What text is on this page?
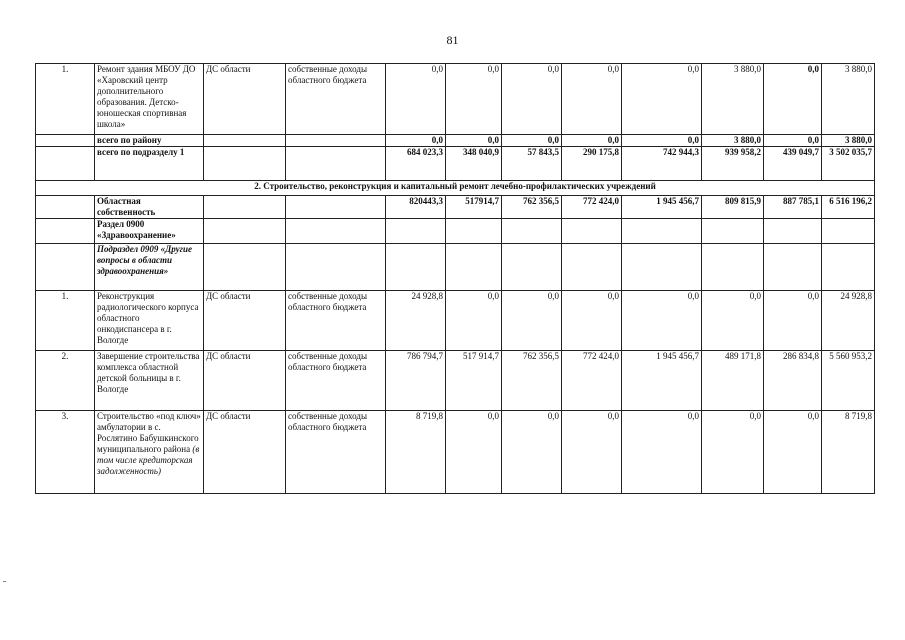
81
1.	Ремонт здания МБОУ ДО «Харовский центр дополнительного образования. Детско-юношеская спортивная школа»	ДС области	собственные доходы областного бюджета	0,0	0,0	0,0	0,0	0,0	3 880,0	0,0	3 880,0
	всего по району			0,0	0,0	0,0	0,0	0,0	3 880,0	0,0	3 880,0
	всего по подразделу 1			684 023,3	348 040,9	57 843,5	290 175,8	742 944,3	939 958,2	439 049,7	3 502 035,7
2. Строительство, реконструкция и капитальный ремонт лечебно-профилактических учреждений											
	Областная собственность			820443,3	517914,7	762 356,5	772 424,0	1 945 456,7	809 815,9	887 785,1	6 516 196,2
	Раздел 0900 «Здравоохранение»										
	Подраздел 0909 «Другие вопросы в области здравоохранения»										
1.	Реконструкция радиологического корпуса областного онкодиспансера в г. Вологде	ДС области	собственные доходы областного бюджета	24 928,8	0,0	0,0	0,0	0,0	0,0	0,0	24 928,8
2.	Завершение строительства комплекса областной детской больницы в г. Вологде	ДС области	собственные доходы областного бюджета	786 794,7	517 914,7	762 356,5	772 424,0	1 945 456,7	489 171,8	286 834,8	5 560 953,2
3.	Строительство «под ключ» амбулатории в с. Рослятино Бабушкинского муниципального района (в том числе кредиторская задолженность)	ДС области	собственные доходы областного бюджета	8 719,8	0,0	0,0	0,0	0,0	0,0	0,0	8 719,8
